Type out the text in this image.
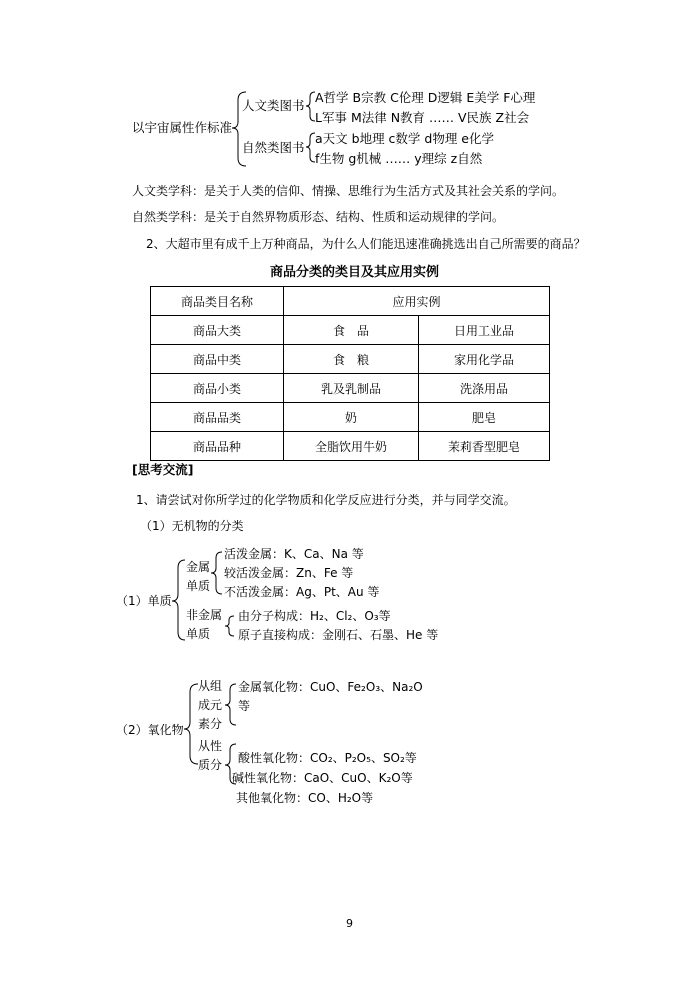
以宇宙属性作标准
人文类图书
A哲学 B宗教 C伦理 D逻辑 E美学 F心理
L军事 M法律 N教育 …… V民族 Z社会
自然类图书
a天文 b地理 c数学 d物理 e化学
f生物 g机械 …… y理综 z自然
人文类学科：是关于人类的信仰、情操、思维行为生活方式及其社会关系的学问。
自然类学科：是关于自然界物质形态、结构、性质和运动规律的学问。
2、大超市里有成千上万种商品，为什么人们能迅速准确挑选出自己所需要的商品？
商品分类的类目及其应用实例
商品类目名称	应用实例	
商品大类	食　品	日用工业品
商品中类	食　粮	家用化学品
商品小类	乳及乳制品	洗涤用品
商品品类	奶	肥皂
商品品种	全脂饮用牛奶	茉莉香型肥皂
[思考交流]
1、请尝试对你所学过的化学物质和化学反应进行分类，并与同学交流。
（1）无机物的分类
（1）单质
金属
单质
活泼金属：K、Ca、Na 等
较活泼金属：Zn、Fe 等
不活泼金属：Ag、Pt、Au 等
非金属
单质
由分子构成：H₂、Cl₂、O₃等
原子直接构成：金刚石、石墨、He 等
（2）氧化物
从组
成元
素分
金属氧化物：CuO、Fe₂O₃、Na₂O
等
从性
质分 酸性氧化物：CO₂、P₂O₅、SO₂等
碱性氧化物：CaO、CuO、K₂O等
其他氧化物：CO、H₂O等
9
